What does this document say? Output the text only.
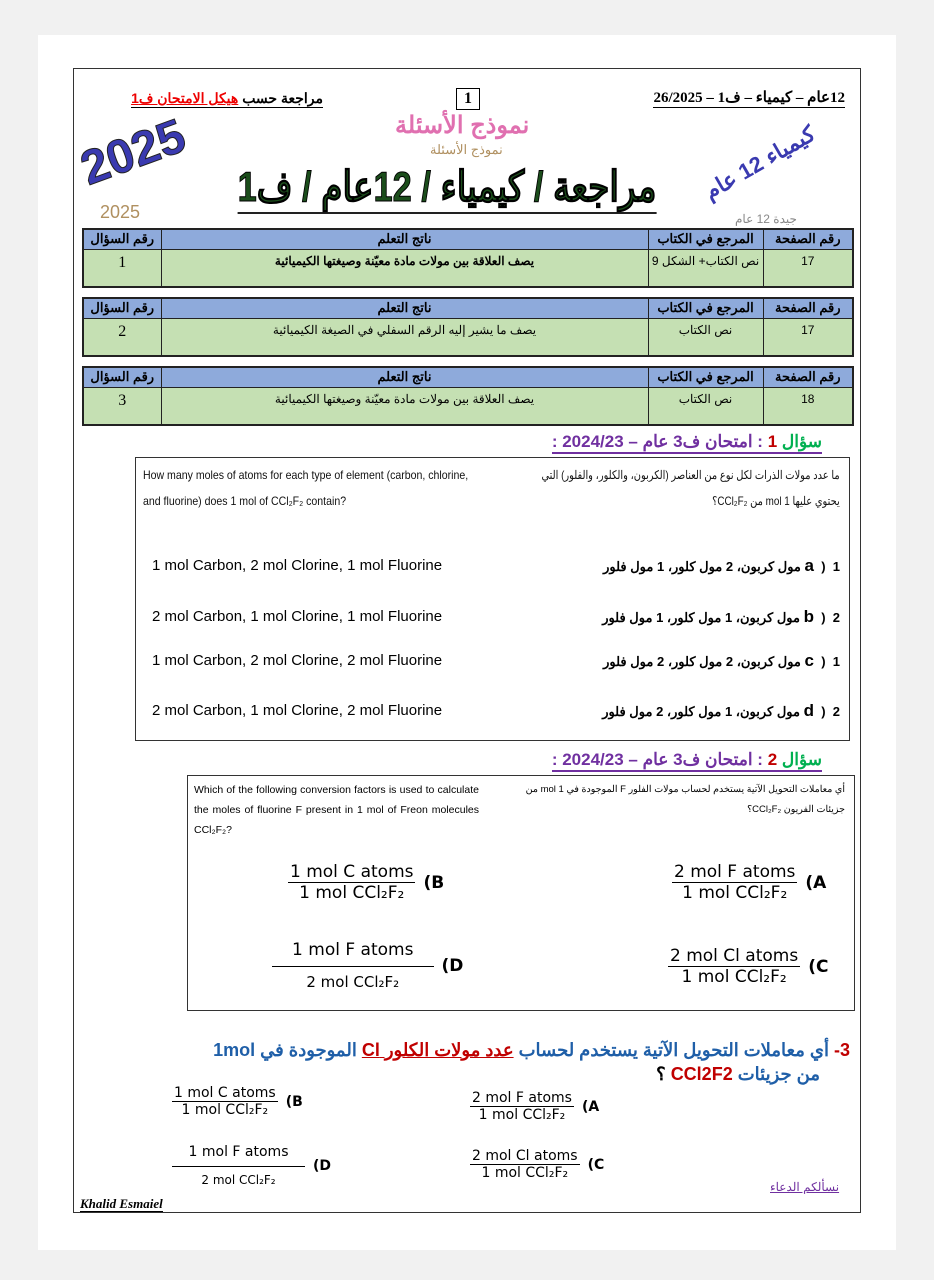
مراجعة حسب هيكل الامتحان ف1	1	12عام – كيمياء – ف1 – 26/2025
2025
2025
نموذج الأسئلة
نموذج الأسئلة
كيمياء 12 عام
جيدة 12 عام
مراجعة / كيمياء / 12عام / ف1
رقم الصفحة	المرجع في الكتاب	ناتج التعلم	رقم السؤال
17	نص الكتاب+ الشكل 9	يصف العلاقة بين مولات مادة معيّنة وصيغتها الكيميائية	1
رقم الصفحة	المرجع في الكتاب	ناتج التعلم	رقم السؤال
17	نص الكتاب	يصف ما يشير إليه الرقم السفلي في الصيغة الكيميائية	2
رقم الصفحة	المرجع في الكتاب	ناتج التعلم	رقم السؤال
18	نص الكتاب	يصف العلاقة بين مولات مادة معيّنة وصيغتها الكيميائية	3
سؤال 1 : امتحان ف3 عام – 2024/23 :
How many moles of atoms for each type of element (carbon, chlorine,
and fluorine) does 1 mol of CCl₂F₂ contain?
ما عدد مولات الذرات لكل نوع من العناصر (الكربون، والكلور، والفلور) التي
يحتوي عليها 1 mol من CCl₂F₂؟
1 mol Carbon, 2 mol Clorine, 1 mol Fluorine	a  )  1 مول كربون، 2 مول كلور، 1 مول فلور
2 mol Carbon, 1 mol Clorine, 1 mol Fluorine	b  )  2 مول كربون، 1 مول كلور، 1 مول فلور
1 mol Carbon, 2 mol Clorine, 2 mol Fluorine	c  )  1 مول كربون، 2 مول كلور، 2 مول فلور
2 mol Carbon, 1 mol Clorine, 2 mol Fluorine	d  )  2 مول كربون، 1 مول كلور، 2 مول فلور
سؤال 2 : امتحان ف3 عام – 2024/23 :
Which of the following conversion factors is used to calculate the moles of fluorine F present in 1 mol of Freon molecules CCl₂F₂?
أي معاملات التحويل الآتية يستخدم لحساب مولات الفلور F الموجودة في 1 mol من جزيئات الفريون CCl₂F₂؟
2 mol F atoms
1 mol CCl₂F₂
(A
1 mol C atoms
1 mol CCl₂F₂
(B
2 mol Cl atoms
1 mol CCl₂F₂
(C
1 mol F atoms
2 mol CCl₂F₂
(D
3- أي معاملات التحويل الآتية يستخدم لحساب عدد مولات الكلور Cl الموجودة في 1mol
من جزيئات CCl2F2 ؟
2 mol F atoms
1 mol CCl₂F₂
(A
1 mol C atoms
1 mol CCl₂F₂
(B
2 mol Cl atoms
1 mol CCl₂F₂
(C
1 mol F atoms
2 mol CCl₂F₂
(D
Khalid Esmaiel
نسألكم الدعاء
